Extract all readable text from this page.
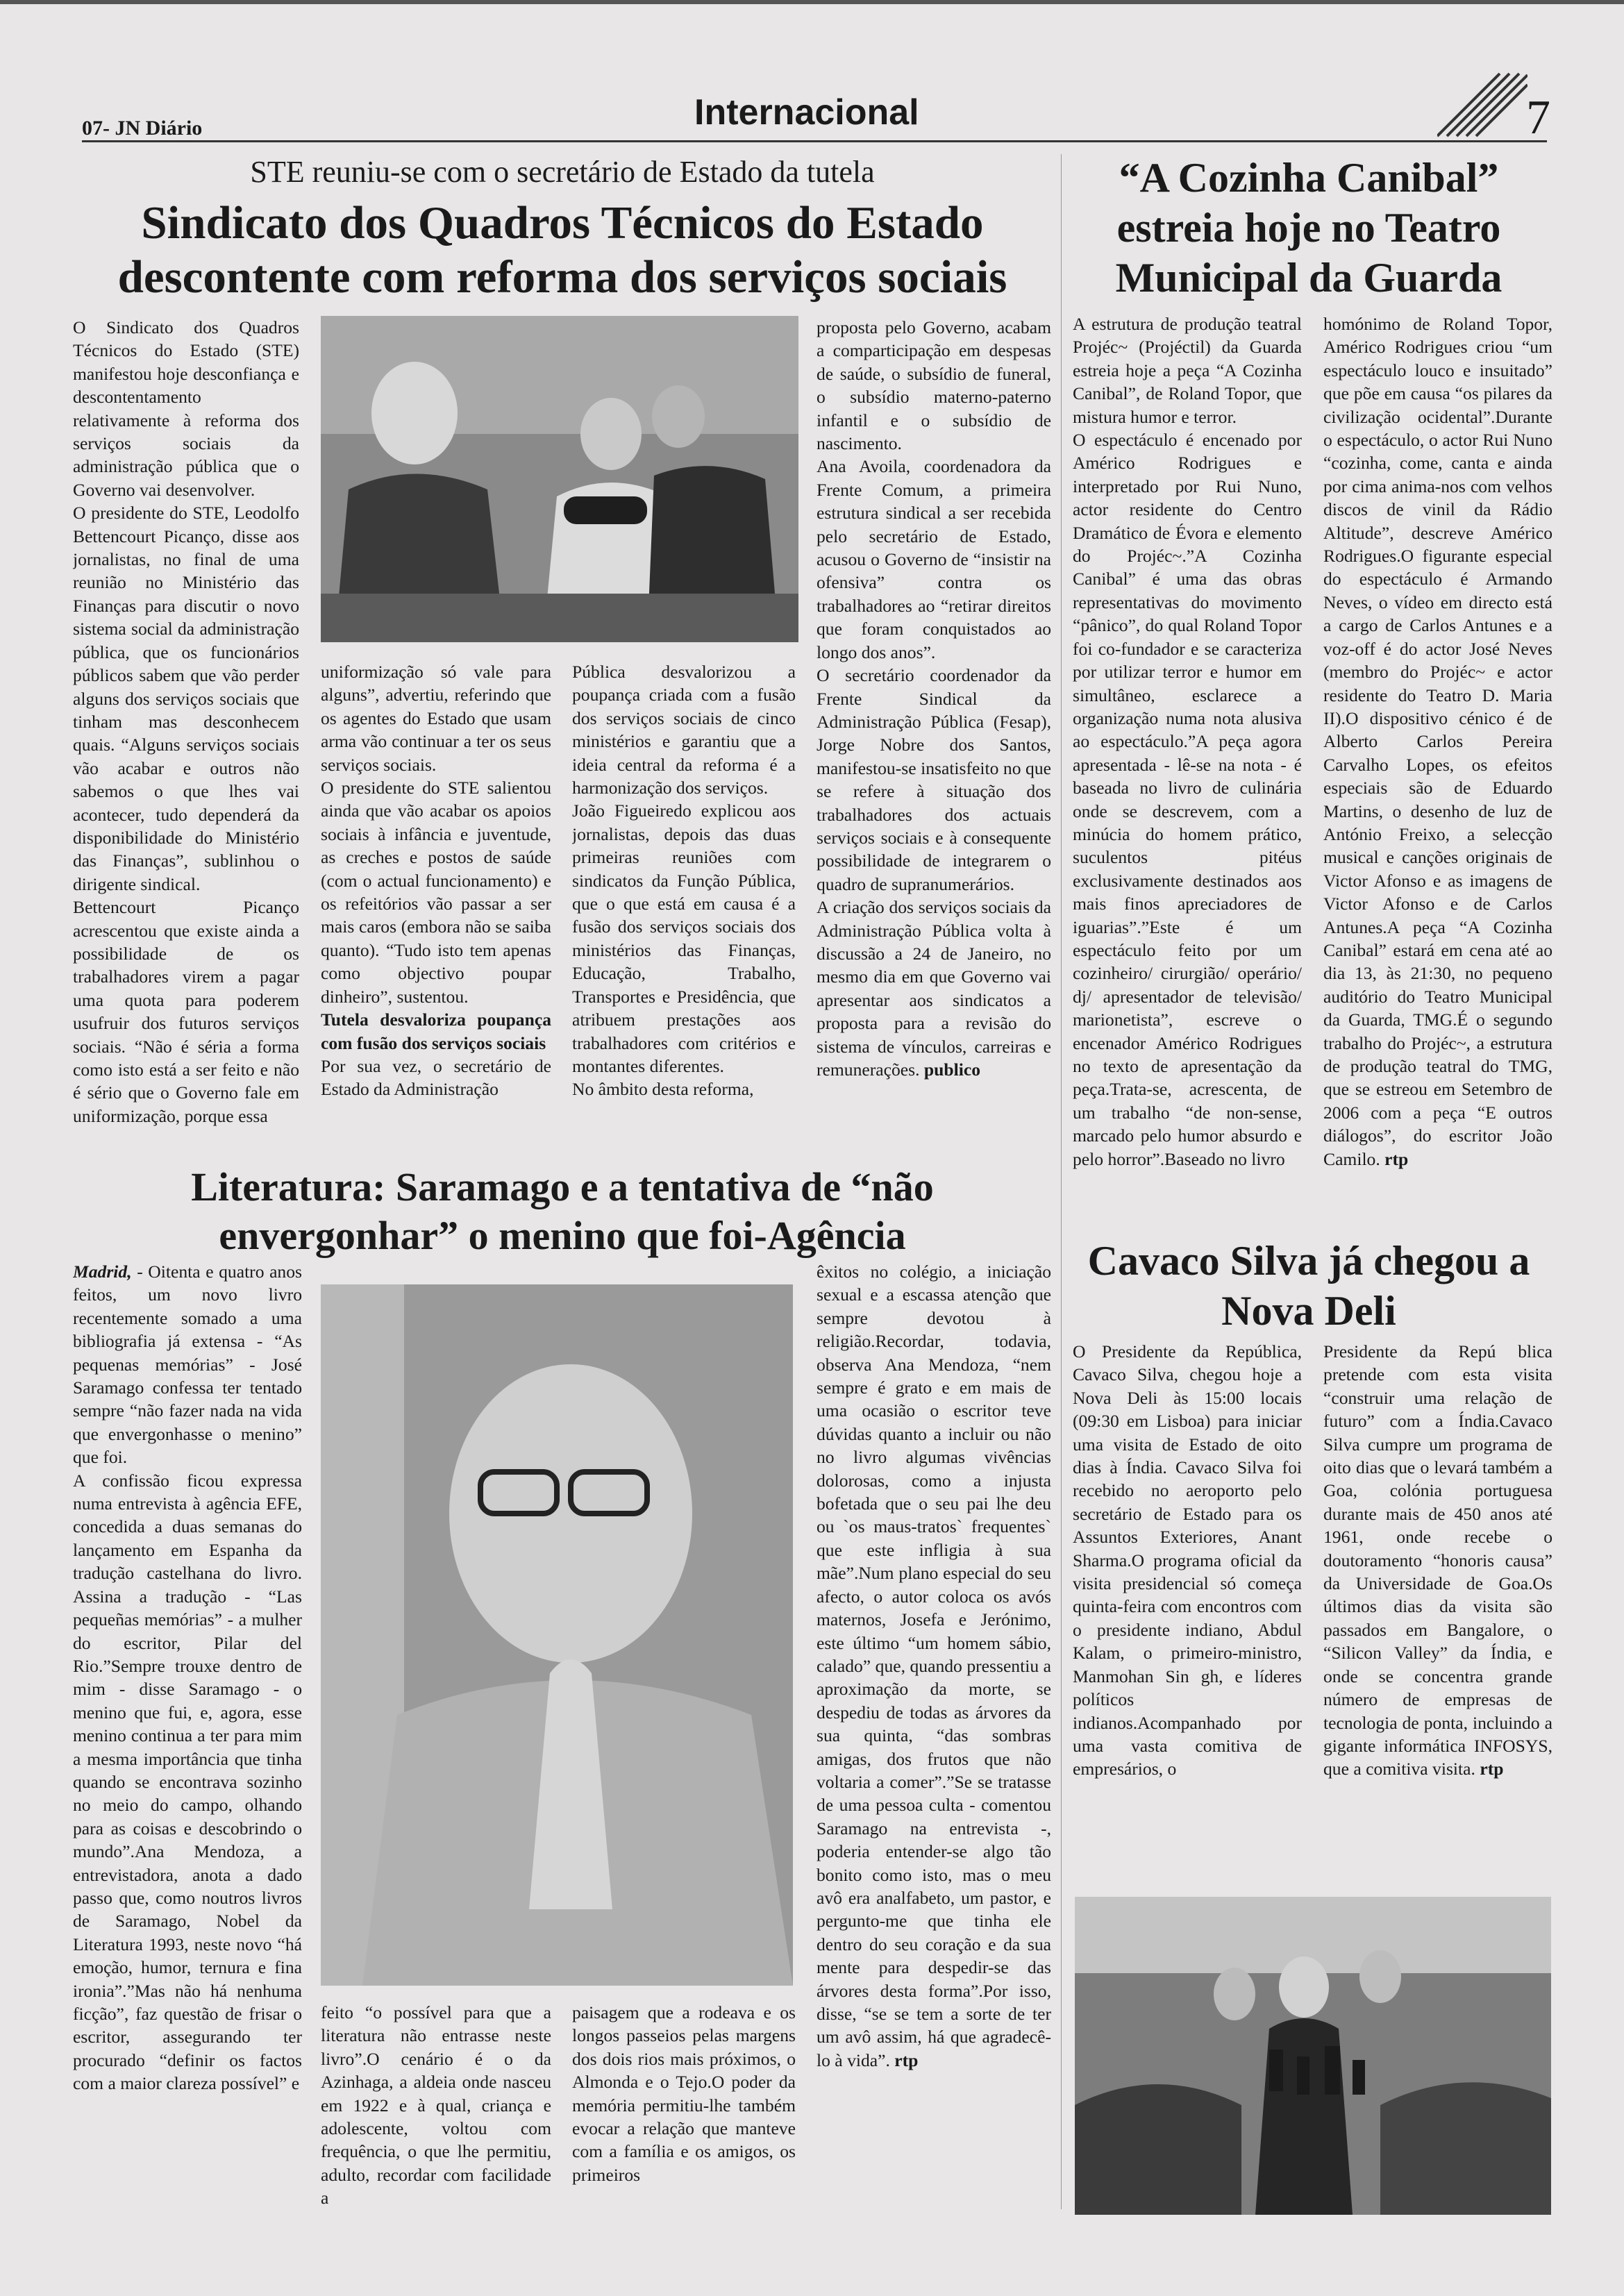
07- JN Diário	Internacional	7
STE reuniu-se com o secretário de Estado da tutela
Sindicato dos Quadros Técnicos do Estado descontente com reforma dos serviços sociais

O Sindicato dos Quadros Técnicos do Estado (STE) manifestou hoje desconfiança e descontentamento relativamente à reforma dos serviços sociais da administração pública que o Governo vai desenvolver.

O presidente do STE, Leodolfo Bettencourt Picanço, disse aos jornalistas, no final de uma reunião no Ministério das Finanças para discutir o novo sistema social da administração pública, que os funcionários públicos sabem que vão perder alguns dos serviços sociais que tinham mas desconhecem quais. “Alguns serviços sociais vão acabar e outros não sabemos o que lhes vai acontecer, tudo dependerá da disponibilidade do Ministério das Finanças”, sublinhou o dirigente sindical.

Bettencourt Picanço acrescentou que existe ainda a possibilidade de os trabalhadores virem a pagar uma quota para poderem usufruir dos futuros serviços sociais. “Não é séria a forma como isto está a ser feito e não é sério que o Governo fale em uniformização, porque essa

uniformização só vale para alguns”, advertiu, referindo que os agentes do Estado que usam arma vão continuar a ter os seus serviços sociais.

O presidente do STE salientou ainda que vão acabar os apoios sociais à infância e juventude, as creches e postos de saúde (com o actual funcionamento) e os refeitórios vão passar a ser mais caros (embora não se saiba quanto). “Tudo isto tem apenas como objectivo poupar dinheiro”, sustentou.

Tutela desvaloriza poupança com fusão dos serviços sociais

Por sua vez, o secretário de Estado da Administração

Pública desvalorizou a poupança criada com a fusão dos serviços sociais de cinco ministérios e garantiu que a ideia central da reforma é a harmonização dos serviços.

João Figueiredo explicou aos jornalistas, depois das duas primeiras reuniões com sindicatos da Função Pública, que o que está em causa é a fusão dos serviços sociais dos ministérios das Finanças, Educação, Trabalho, Transportes e Presidência, que atribuem prestações aos trabalhadores com critérios e montantes diferentes.

No âmbito desta reforma,

proposta pelo Governo, acabam a comparticipação em despesas de saúde, o subsídio de funeral, o subsídio materno-paterno infantil e o subsídio de nascimento.

Ana Avoila, coordenadora da Frente Comum, a primeira estrutura sindical a ser recebida pelo secretário de Estado, acusou o Governo de “insistir na ofensiva” contra os trabalhadores ao “retirar direitos que foram conquistados ao longo dos anos”.

O secretário coordenador da Frente Sindical da Administração Pública (Fesap), Jorge Nobre dos Santos, manifestou-se insatisfeito no que se refere à situação dos trabalhadores dos actuais serviços sociais e à consequente possibilidade de integrarem o quadro de supranumerários.

A criação dos serviços sociais da Administração Pública volta à discussão a 24 de Janeiro, no mesmo dia em que Governo vai apresentar aos sindicatos a proposta para a revisão do sistema de vínculos, carreiras e remunerações. publico

“A Cozinha Canibal” estreia hoje no Teatro Municipal da Guarda

A estrutura de produção teatral Projéc~ (Projéctil) da Guarda estreia hoje a peça “A Cozinha Canibal”, de Roland Topor, que mistura humor e terror.

O espectáculo é encenado por Américo Rodrigues e interpretado por Rui Nuno, actor residente do Centro Dramático de Évora e elemento do Projéc~.”A Cozinha Canibal” é uma das obras representativas do movimento “pânico”, do qual Roland Topor foi co-fundador e se caracteriza por utilizar terror e humor em simultâneo, esclarece a organização numa nota alusiva ao espectáculo.”A peça agora apresentada - lê-se na nota - é baseada no livro de culinária onde se descrevem, com a minúcia do homem prático, suculentos pitéus exclusivamente destinados aos mais finos apreciadores de iguarias”.”Este é um espectáculo feito por um cozinheiro/ cirurgião/ operário/ dj/ apresentador de televisão/ marionetista”, escreve o encenador Américo Rodrigues no texto de apresentação da peça.Trata-se, acrescenta, de um trabalho “de non-sense, marcado pelo humor absurdo e pelo horror”.Baseado no livro

homónimo de Roland Topor, Américo Rodrigues criou “um espectáculo louco e insuitado” que põe em causa “os pilares da civilização ocidental”.Durante o espectáculo, o actor Rui Nuno “cozinha, come, canta e ainda por cima anima-nos com velhos discos de vinil da Rádio Altitude”, descreve Américo Rodrigues.O figurante especial do espectáculo é Armando Neves, o vídeo em directo está a cargo de Carlos Antunes e a voz-off é do actor José Neves (membro do Projéc~ e actor residente do Teatro D. Maria II).O dispositivo cénico é de Alberto Carlos Pereira Carvalho Lopes, os efeitos especiais são de Eduardo Martins, o desenho de luz de António Freixo, a selecção musical e canções originais de Victor Afonso e as imagens de Victor Afonso e de Carlos Antunes.A peça “A Cozinha Canibal” estará em cena até ao dia 13, às 21:30, no pequeno auditório do Teatro Municipal da Guarda, TMG.É o segundo trabalho do Projéc~, a estrutura de produção teatral do TMG, que se estreou em Setembro de 2006 com a peça “E outros diálogos”, do escritor João Camilo. rtp

Literatura: Saramago e a tentativa de “não envergonhar” o menino que foi-Agência

Madrid, - Oitenta e quatro anos feitos, um novo livro recentemente somado a uma bibliografia já extensa - “As pequenas memórias” - José Saramago confessa ter tentado sempre “não fazer nada na vida que envergonhasse o menino” que foi.

A confissão ficou expressa numa entrevista à agência EFE, concedida a duas semanas do lançamento em Espanha da tradução castelhana do livro. Assina a tradução - “Las pequeñas memórias” - a mulher do escritor, Pilar del Rio.”Sempre trouxe dentro de mim - disse Saramago - o menino que fui, e, agora, esse menino continua a ter para mim a mesma importância que tinha quando se encontrava sozinho no meio do campo, olhando para as coisas e descobrindo o mundo”.Ana Mendoza, a entrevistadora, anota a dado passo que, como noutros livros de Saramago, Nobel da Literatura 1993, neste novo “há emoção, humor, ternura e fina ironia”.”Mas não há nenhuma ficção”, faz questão de frisar o escritor, assegurando ter procurado “definir os factos com a maior clareza possível” e

feito “o possível para que a literatura não entrasse neste livro”.O cenário é o da Azinhaga, a aldeia onde nasceu em 1922 e à qual, criança e adolescente, voltou com frequência, o que lhe permitiu, adulto, recordar com facilidade a

paisagem que a rodeava e os longos passeios pelas margens dos dois rios mais próximos, o Almonda e o Tejo.O poder da memória permitiu-lhe também evocar a relação que manteve com a família e os amigos, os primeiros

êxitos no colégio, a iniciação sexual e a escassa atenção que sempre devotou à religião.Recordar, todavia, observa Ana Mendoza, “nem sempre é grato e em mais de uma ocasião o escritor teve dúvidas quanto a incluir ou não no livro algumas vivências dolorosas, como a injusta bofetada que o seu pai lhe deu ou `os maus-tratos` frequentes` que este infligia à sua mãe”.Num plano especial do seu afecto, o autor coloca os avós maternos, Josefa e Jerónimo, este último “um homem sábio, calado” que, quando pressentiu a aproximação da morte, se despediu de todas as árvores da sua quinta, “das sombras amigas, dos frutos que não voltaria a comer”.”Se se tratasse de uma pessoa culta - comentou Saramago na entrevista -, poderia entender-se algo tão bonito como isto, mas o meu avô era analfabeto, um pastor, e pergunto-me que tinha ele dentro do seu coração e da sua mente para despedir-se das árvores desta forma”.Por isso, disse, “se se tem a sorte de ter um avô assim, há que agradecê-lo à vida”. rtp

Cavaco Silva já chegou a Nova Deli

O Presidente da República, Cavaco Silva, chegou hoje a Nova Deli às 15:00 locais (09:30 em Lisboa) para iniciar uma visita de Estado de oito dias à Índia. Cavaco Silva foi recebido no aeroporto pelo secretário de Estado para os Assuntos Exteriores, Anant Sharma.O programa oficial da visita presidencial só começa quinta-feira com encontros com o presidente indiano, Abdul Kalam, o primeiro-ministro, Manmohan Sin gh, e líderes políticos indianos.Acompanhado por uma vasta comitiva de empresários, o

Presidente da Repú blica pretende com esta visita “construir uma relação de futuro” com a Índia.Cavaco Silva cumpre um programa de oito dias que o levará também a Goa, colónia portuguesa durante mais de 450 anos até 1961, onde recebe o doutoramento “honoris causa” da Universidade de Goa.Os últimos dias da visita são passados em Bangalore, o “Silicon Valley” da Índia, e onde se concentra grande número de empresas de tecnologia de ponta, incluindo a gigante informática INFOSYS, que a comitiva visita. rtp
